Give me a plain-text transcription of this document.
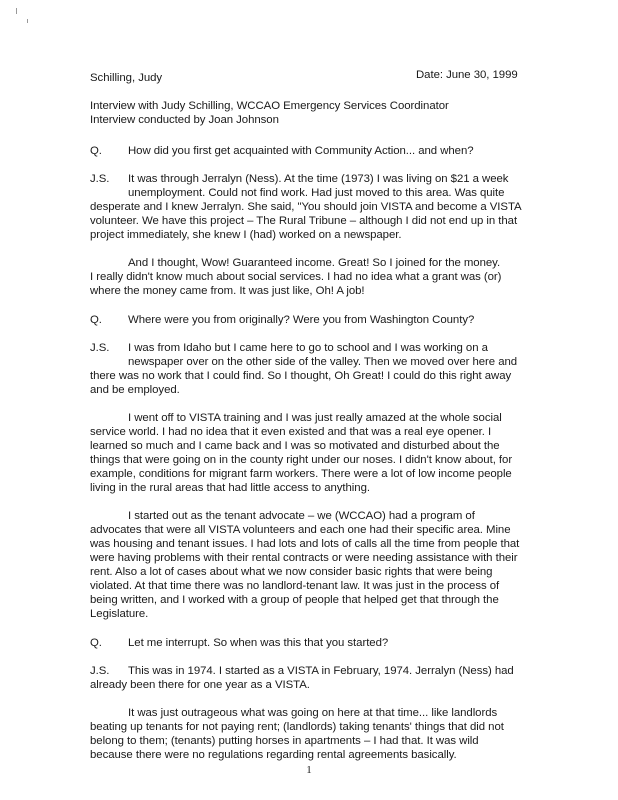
Schilling, Judy	Date: June 30, 1999
Interview with Judy Schilling, WCCAO Emergency Services Coordinator
Interview conducted by Joan Johnson
Q. How did you first get acquainted with Community Action... and when?
J.S. It was through Jerralyn (Ness). At the time (1973) I was living on $21 a week
unemployment. Could not find work. Had just moved to this area. Was quite
desperate and I knew Jerralyn. She said, "You should join VISTA and become a VISTA
volunteer. We have this project – The Rural Tribune – although I did not end up in that
project immediately, she knew I (had) worked on a newspaper.
And I thought, Wow! Guaranteed income. Great! So I joined for the money.
I really didn't know much about social services. I had no idea what a grant was (or)
where the money came from. It was just like, Oh! A job!
Q. Where were you from originally? Were you from Washington County?
J.S. I was from Idaho but I came here to go to school and I was working on a
newspaper over on the other side of the valley. Then we moved over here and
there was no work that I could find. So I thought, Oh Great! I could do this right away
and be employed.
I went off to VISTA training and I was just really amazed at the whole social
service world. I had no idea that it even existed and that was a real eye opener. I
learned so much and I came back and I was so motivated and disturbed about the
things that were going on in the county right under our noses. I didn't know about, for
example, conditions for migrant farm workers. There were a lot of low income people
living in the rural areas that had little access to anything.
I started out as the tenant advocate – we (WCCAO) had a program of
advocates that were all VISTA volunteers and each one had their specific area. Mine
was housing and tenant issues. I had lots and lots of calls all the time from people that
were having problems with their rental contracts or were needing assistance with their
rent. Also a lot of cases about what we now consider basic rights that were being
violated. At that time there was no landlord-tenant law. It was just in the process of
being written, and I worked with a group of people that helped get that through the
Legislature.
Q. Let me interrupt. So when was this that you started?
J.S. This was in 1974. I started as a VISTA in February, 1974. Jerralyn (Ness) had
already been there for one year as a VISTA.
It was just outrageous what was going on here at that time... like landlords
beating up tenants for not paying rent; (landlords) taking tenants' things that did not
belong to them; (tenants) putting horses in apartments – I had that. It was wild
because there were no regulations regarding rental agreements basically.
1
